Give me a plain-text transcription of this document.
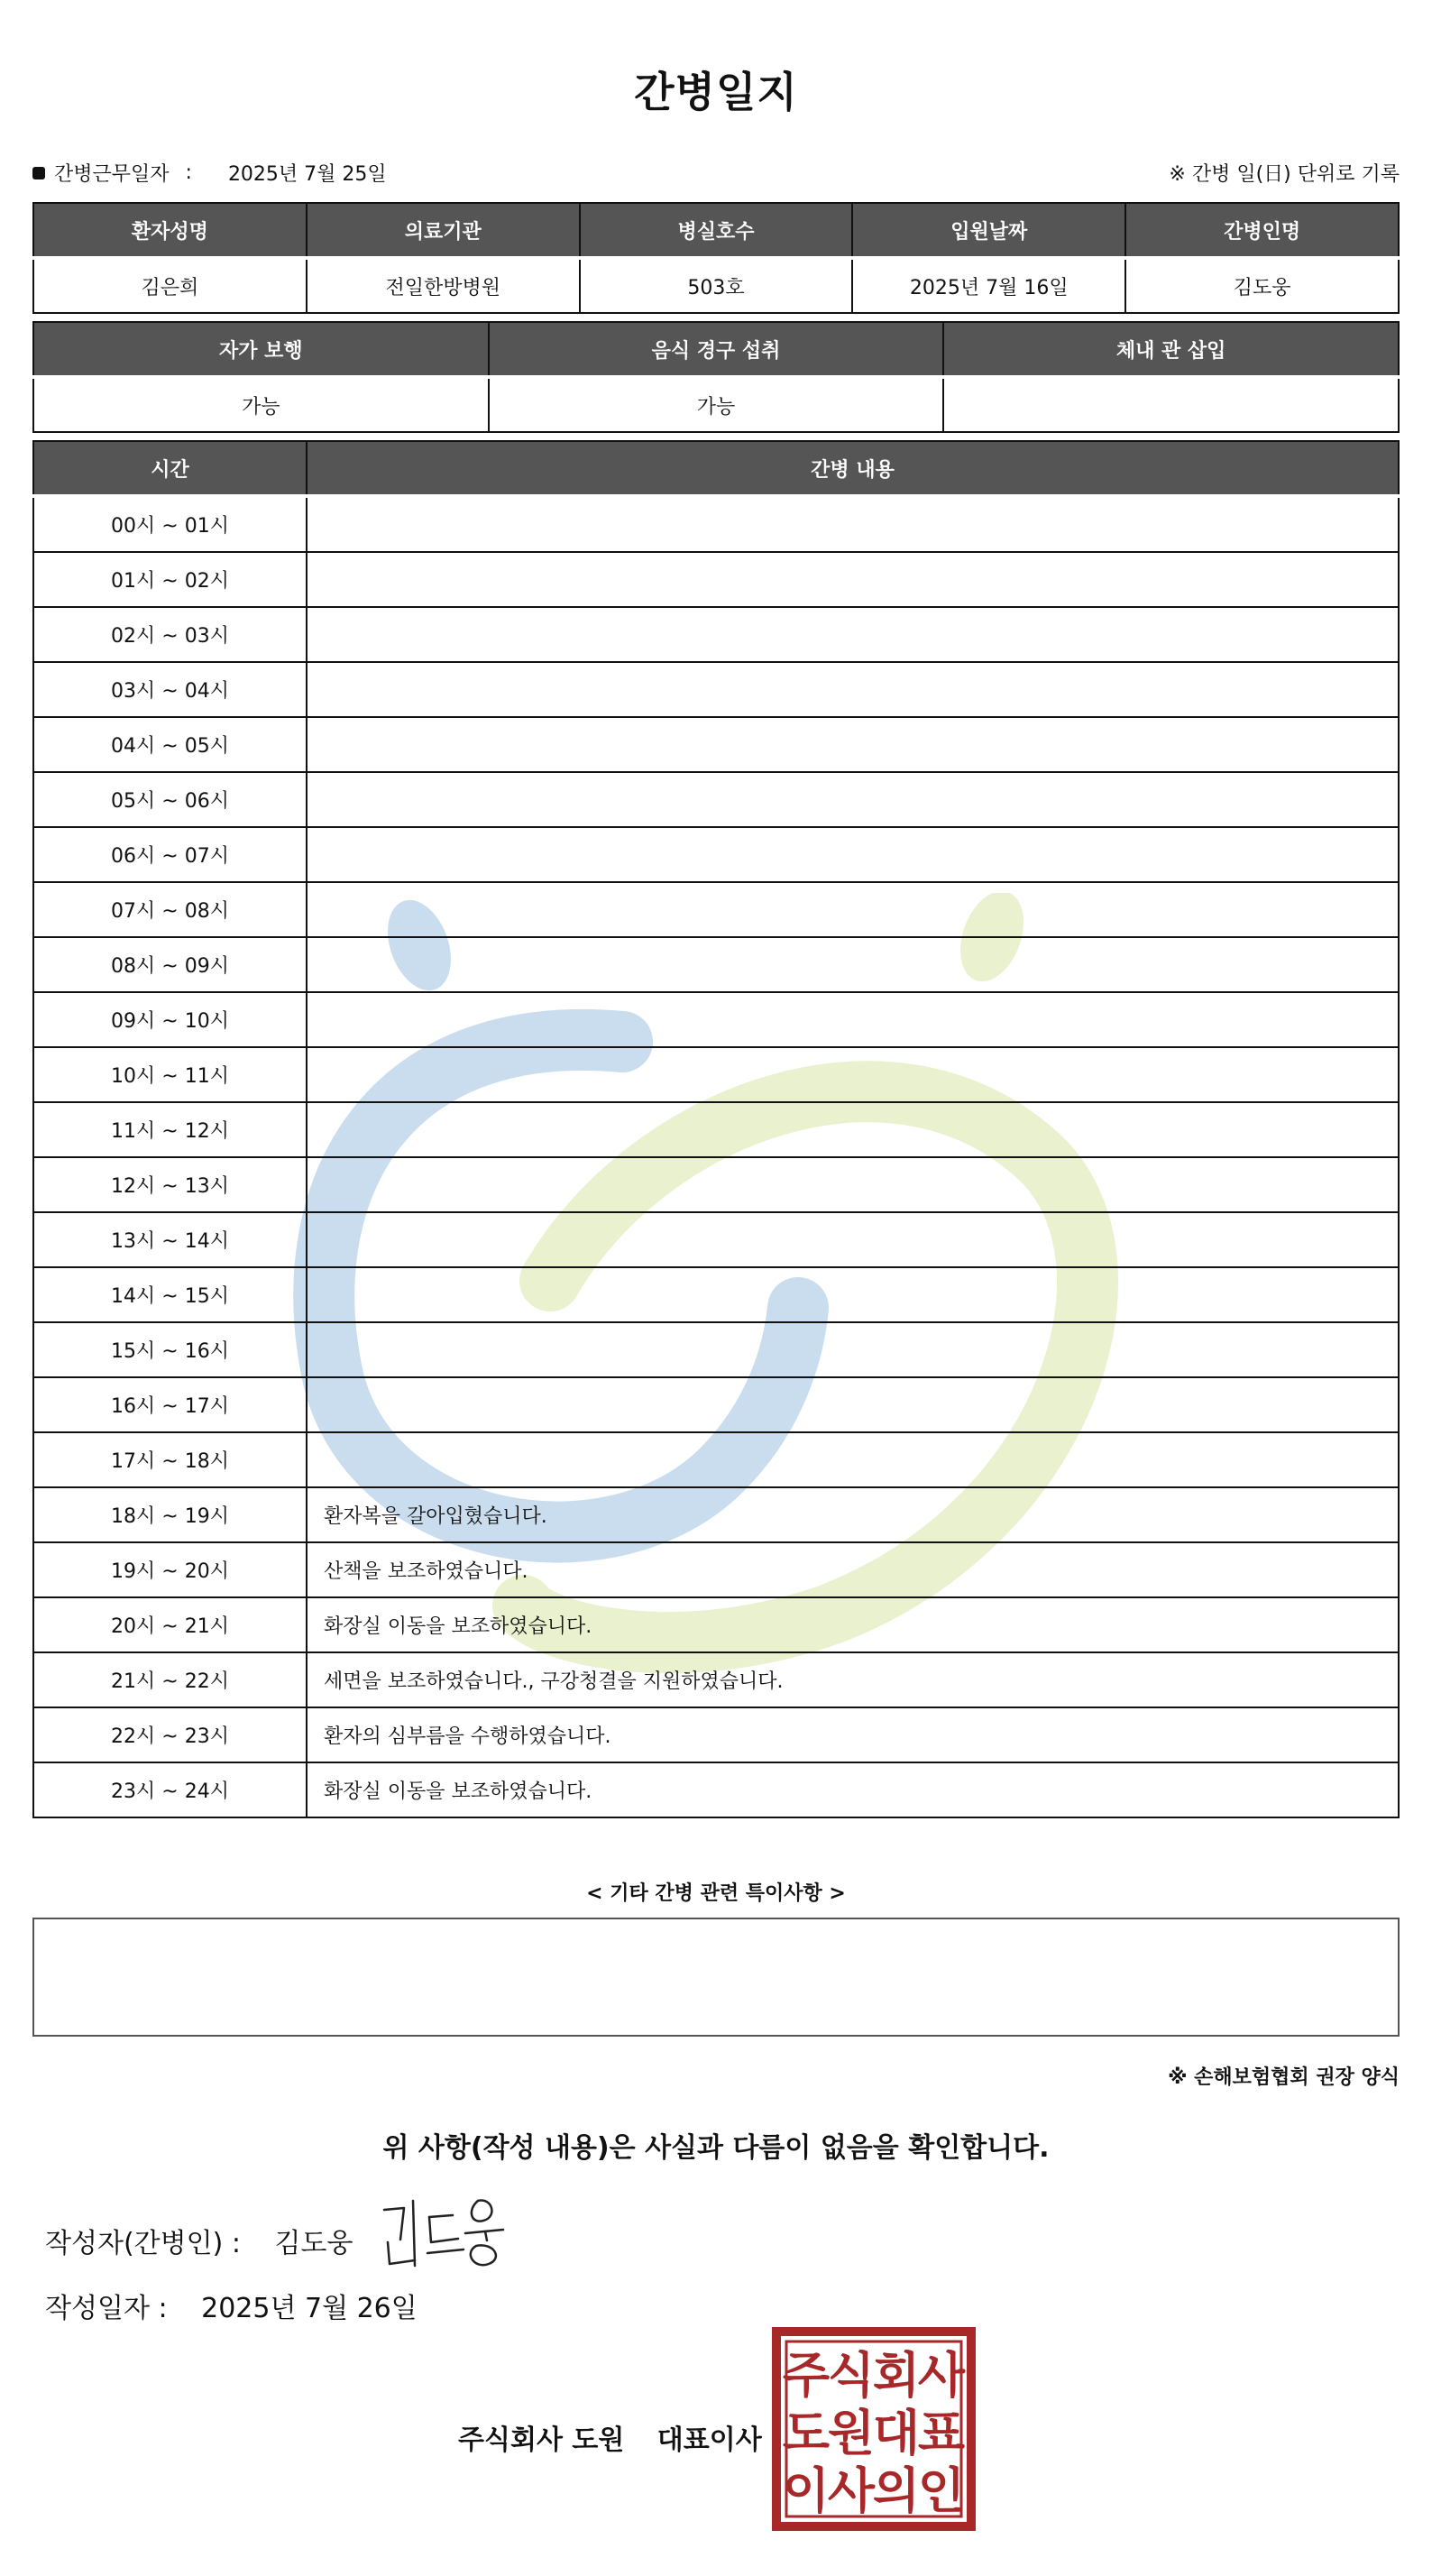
간병일지
간병근무일자 : 2025년 7월 25일	※ 간병 일(日) 단위로 기록
환자성명	의료기관	병실호수	입원날짜	간병인명
김은희	전일한방병원	503호	2025년 7월 16일	김도웅
자가 보행	음식 경구 섭취	체내 관 삽입
가능	가능	
시간	간병 내용
00시 ~ 01시	
01시 ~ 02시	
02시 ~ 03시	
03시 ~ 04시	
04시 ~ 05시	
05시 ~ 06시	
06시 ~ 07시	
07시 ~ 08시	
08시 ~ 09시	
09시 ~ 10시	
10시 ~ 11시	
11시 ~ 12시	
12시 ~ 13시	
13시 ~ 14시	
14시 ~ 15시	
15시 ~ 16시	
16시 ~ 17시	
17시 ~ 18시	
18시 ~ 19시	환자복을 갈아입혔습니다.
19시 ~ 20시	산책을 보조하였습니다.
20시 ~ 21시	화장실 이동을 보조하였습니다.
21시 ~ 22시	세면을 보조하였습니다., 구강청결을 지원하였습니다.
22시 ~ 23시	환자의 심부름을 수행하였습니다.
23시 ~ 24시	화장실 이동을 보조하였습니다.
< 기타 간병 관련 특이사항 >
※ 손해보험협회 권장 양식
위 사항(작성 내용)은 사실과 다름이 없음을 확인합니다.
작성자(간병인) : 김도웅
작성일자 : 2025년 7월 26일
주식회사 도원 대표이사
주
식
회
사
도
원
대
표
이
사
의
인
